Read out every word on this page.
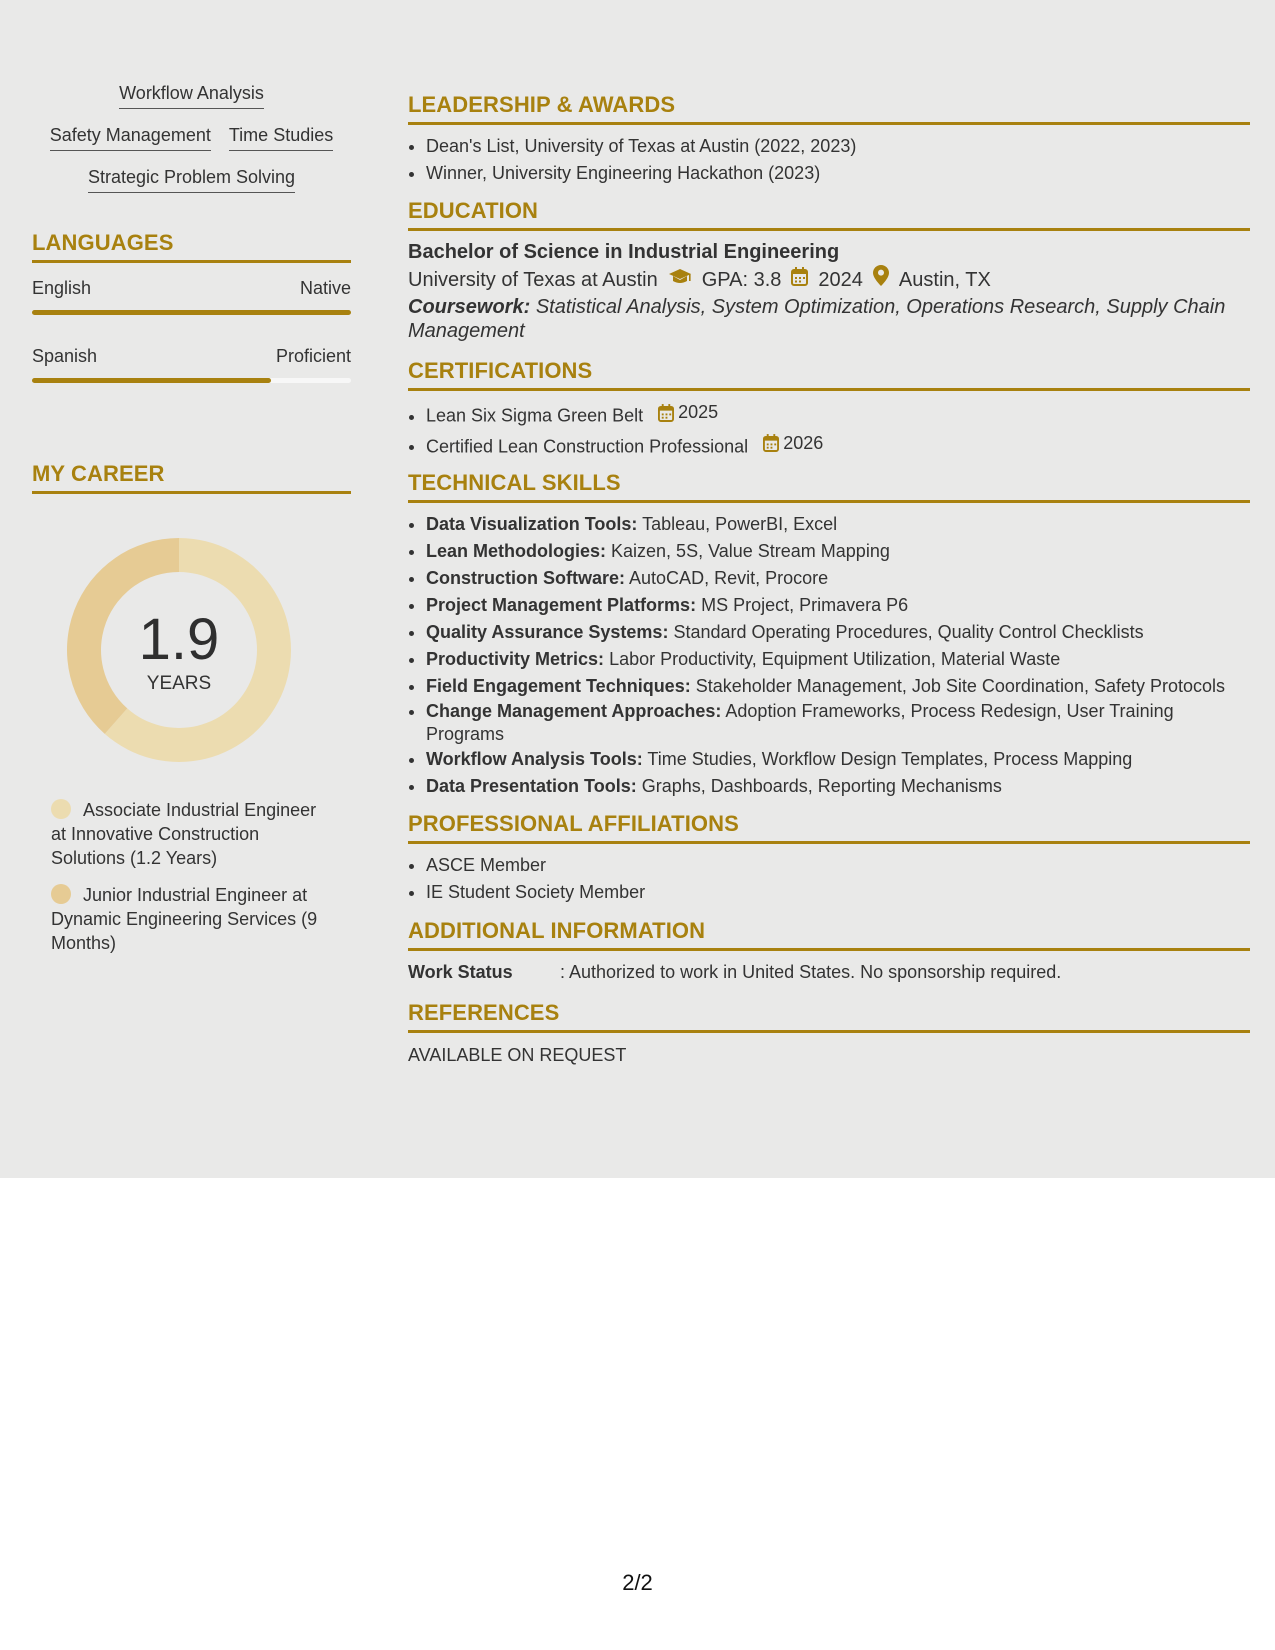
Workflow Analysis
Safety Management Time Studies
Strategic Problem Solving
LANGUAGES
English	Native
Spanish	Proficient
MY CAREER
1.9
YEARS
Associate Industrial Engineer at Innovative Construction Solutions (1.2 Years)
Junior Industrial Engineer at Dynamic Engineering Services (9 Months)
LEADERSHIP & AWARDS
• Dean's List, University of Texas at Austin (2022, 2023)
• Winner, University Engineering Hackathon (2023)
EDUCATION
Bachelor of Science in Industrial Engineering
University of Texas at Austin GPA: 3.8 2024 Austin, TX
Coursework: Statistical Analysis, System Optimization, Operations Research, Supply Chain Management
CERTIFICATIONS
• Lean Six Sigma Green Belt 2025
• Certified Lean Construction Professional 2026
TECHNICAL SKILLS
• Data Visualization Tools: Tableau, PowerBI, Excel
• Lean Methodologies: Kaizen, 5S, Value Stream Mapping
• Construction Software: AutoCAD, Revit, Procore
• Project Management Platforms: MS Project, Primavera P6
• Quality Assurance Systems: Standard Operating Procedures, Quality Control Checklists
• Productivity Metrics: Labor Productivity, Equipment Utilization, Material Waste
• Field Engagement Techniques: Stakeholder Management, Job Site Coordination, Safety Protocols
• Change Management Approaches: Adoption Frameworks, Process Redesign, User Training Programs
• Workflow Analysis Tools: Time Studies, Workflow Design Templates, Process Mapping
• Data Presentation Tools: Graphs, Dashboards, Reporting Mechanisms
PROFESSIONAL AFFILIATIONS
• ASCE Member
• IE Student Society Member
ADDITIONAL INFORMATION
Work Status	: Authorized to work in United States. No sponsorship required.
REFERENCES
AVAILABLE ON REQUEST
2/2
